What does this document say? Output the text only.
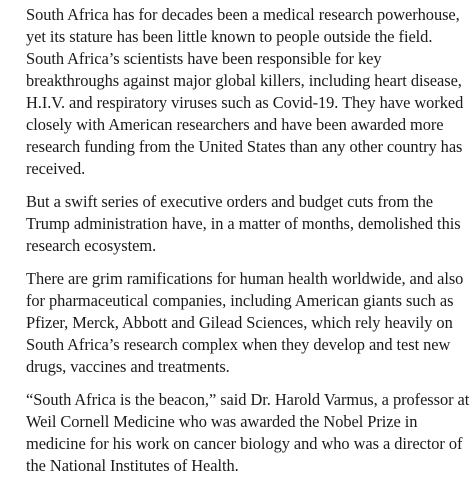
South Africa has for decades been a medical research powerhouse, yet its stature has been little known to people outside the field. South Africa’s scientists have been responsible for key breakthroughs against major global killers, including heart disease, H.I.V. and respiratory viruses such as Covid-19. They have worked closely with American researchers and have been awarded more research funding from the United States than any other country has received.

But a swift series of executive orders and budget cuts from the Trump administration have, in a matter of months, demolished this research ecosystem.

There are grim ramifications for human health worldwide, and also for pharmaceutical companies, including American giants such as Pfizer, Merck, Abbott and Gilead Sciences, which rely heavily on South Africa’s research complex when they develop and test new drugs, vaccines and treatments.

“South Africa is the beacon,” said Dr. Harold Varmus, a professor at Weil Cornell Medicine who was awarded the Nobel Prize in medicine for his work on cancer biology and who was a director of the National Institutes of Health.
